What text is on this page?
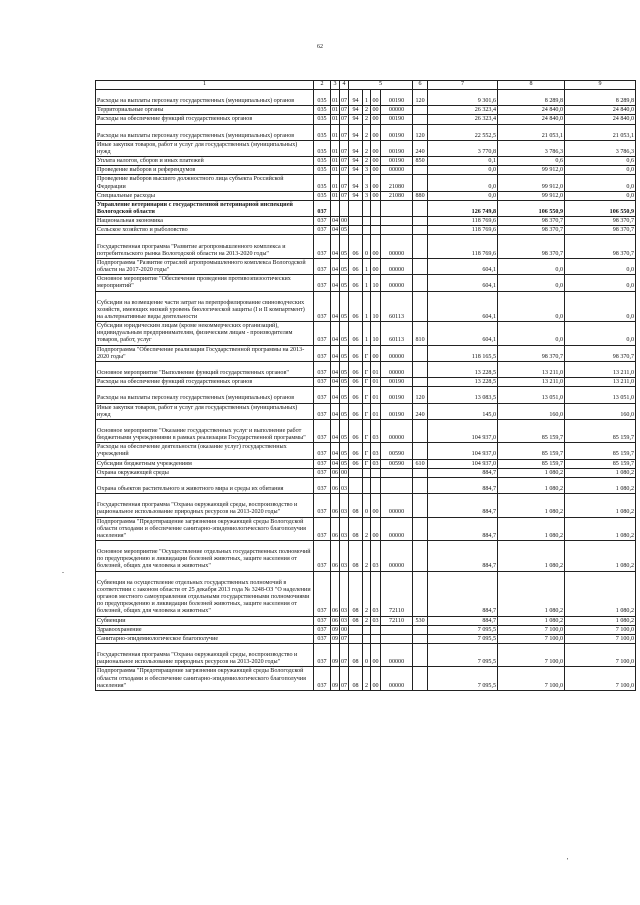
62
-
1	2	3	4	5				6	7	8	9
Расходы на выплаты персоналу государственных (муниципальных) органов	035	01	07	94	1	00	00190	120	9 301,6	8 289,8	8 289,8
Территориальные органы	035	01	07	94	2	00	00000		26 323,4	24 840,0	24 840,0
Расходы на обеспечение функций государственных органов	035	01	07	94	2	00	00190		26 323,4	24 840,0	24 840,0
Расходы на выплаты персоналу государственных (муниципальных) органов	035	01	07	94	2	00	00190	120	22 552,5	21 053,1	21 053,1
Иные закупки товаров, работ и услуг для государственных (муниципальных) нужд	035	01	07	94	2	00	00190	240	3 770,8	3 786,3	3 786,3
Уплата налогов, сборов и иных платежей	035	01	07	94	2	00	00190	850	0,1	0,6	0,6
Проведение выборов и референдумов	035	01	07	94	3	00	00000		0,0	99 912,0	0,0
Проведение выборов высшего должностного лица субъекта Российской Федерации	035	01	07	94	3	00	21080		0,0	99 912,0	0,0
Специальные расходы	035	01	07	94	3	00	21080	880	0,0	99 912,0	0,0
Управление ветеринарии с государственной ветеринарной инспекцией Вологодской области	037								126 749,8	106 550,9	106 550,9
Национальная экономика	037	04	00						118 769,6	98 370,7	98 370,7
Сельское хозяйство и рыболовство	037	04	05						118 769,6	98 370,7	98 370,7
Государственная программа "Развитие агропромышленного комплекса и потребительского рынка Вологодской области на 2013-2020 годы"	037	04	05	06	0	00	00000		118 769,6	98 370,7	98 370,7
Подпрограмма "Развитие отраслей агропромышленного комплекса Вологодской области на 2017-2020 годы"	037	04	05	06	1	00	00000		604,1	0,0	0,0
Основное мероприятие "Обеспечение проведения противоэпизоотических мероприятий"	037	04	05	06	1	10	00000		604,1	0,0	0,0
Субсидии на возмещение части затрат на перепрофилирование свиноводческих хозяйств, имеющих низкий уровень биологической защиты (I и II компартмент) на альтернативные виды деятельности	037	04	05	06	1	10	60113		604,1	0,0	0,0
Субсидии юридическим лицам (кроме некоммерческих организаций), индивидуальным предпринимателям, физическим лицам - производителям товаров, работ, услуг	037	04	05	06	1	10	60113	810	604,1	0,0	0,0
Подпрограмма "Обеспечение реализации Государственной программы на 2013-2020 годы"	037	04	05	06	Г	00	00000		118 165,5	98 370,7	98 370,7
Основное мероприятие "Выполнение функций государственных органов"	037	04	05	06	Г	01	00000		13 228,5	13 211,0	13 211,0
Расходы на обеспечение функций государственных органов	037	04	05	06	Г	01	00190		13 228,5	13 211,0	13 211,0
Расходы на выплаты персоналу государственных (муниципальных) органов	037	04	05	06	Г	01	00190	120	13 083,5	13 051,0	13 051,0
Иные закупки товаров, работ и услуг для государственных (муниципальных) нужд	037	04	05	06	Г	01	00190	240	145,0	160,0	160,0
Основное мероприятие "Оказание государственных услуг и выполнение работ бюджетными учреждениями в рамках реализации Государственной программы"	037	04	05	06	Г	03	00000		104 937,0	85 159,7	85 159,7
Расходы на обеспечение деятельности (оказание услуг) государственных учреждений	037	04	05	06	Г	03	00590		104 937,0	85 159,7	85 159,7
Субсидии бюджетным учреждениям	037	04	05	06	Г	03	00590	610	104 937,0	85 159,7	85 159,7
Охрана окружающей среды	037	06	00						884,7	1 080,2	1 080,2
Охрана объектов растительного и животного мира и среды их обитания	037	06	03						884,7	1 080,2	1 080,2
Государственная программа "Охрана окружающей среды, воспроизводство и рациональное использование природных ресурсов на 2013-2020 годы"	037	06	03	08	0	00	00000		884,7	1 080,2	1 080,2
Подпрограмма "Предотвращение загрязнения окружающей среды Вологодской области отходами и обеспечение санитарно-эпидемиологического благополучия населения"	037	06	03	08	2	00	00000		884,7	1 080,2	1 080,2
Основное мероприятие "Осуществление отдельных государственных полномочий по предупреждению и ликвидации болезней животных, защите населения от болезней, общих для человека и животных"	037	06	03	08	2	03	00000		884,7	1 080,2	1 080,2
Субвенция на осуществление отдельных государственных полномочий в соответствии с законом области от 25 декабря 2013 года № 3248-ОЗ "О наделении органов местного самоуправления отдельными государственными полномочиями по предупреждению и ликвидации болезней животных, защите населения от болезней, общих для человека и животных"	037	06	03	08	2	03	72110		884,7	1 080,2	1 080,2
Субвенции	037	06	03	08	2	03	72110	530	884,7	1 080,2	1 080,2
Здравоохранение	037	09	00						7 095,5	7 100,0	7 100,0
Санитарно-эпидемиологическое благополучие	037	09	07						7 095,5	7 100,0	7 100,0
Государственная программа "Охрана окружающей среды, воспроизводство и рациональное использование природных ресурсов на 2013-2020 годы"	037	09	07	08	0	00	00000		7 095,5	7 100,0	7 100,0
Подпрограмма "Предотвращение загрязнения окружающей среды Вологодской области отходами и обеспечение санитарно-эпидемиологического благополучия населения"	037	09	07	08	2	00	00000		7 095,5	7 100,0	7 100,0
'
